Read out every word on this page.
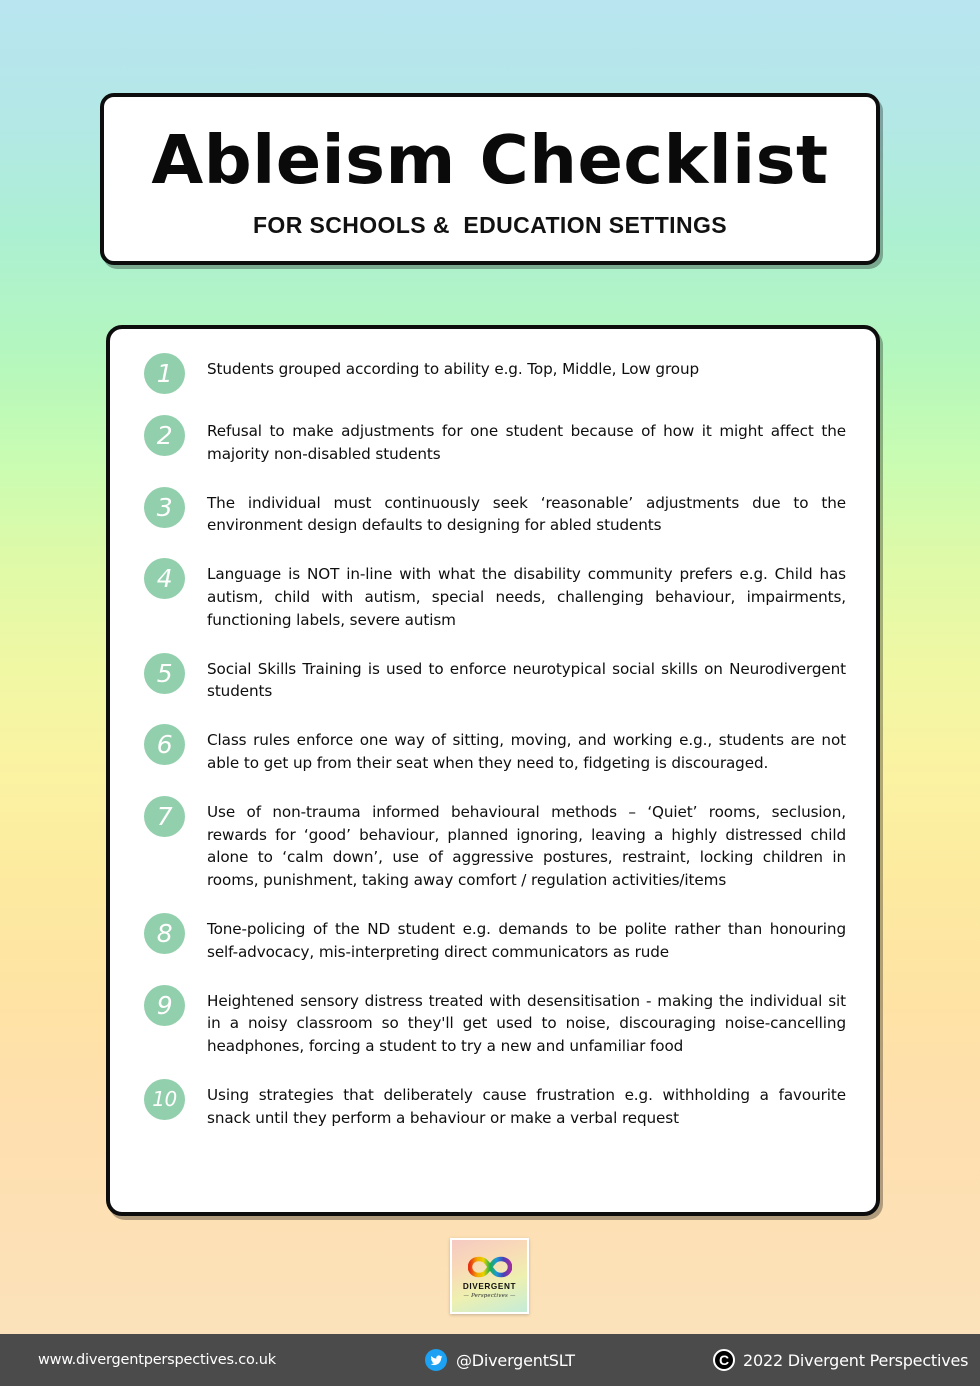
Ableism Checklist
FOR SCHOOLS &  EDUCATION SETTINGS
1	Students grouped according to ability e.g. Top, Middle, Low group
2	Refusal to make adjustments for one student because of how it might affect the majority non-disabled students
3	The individual must continuously seek ‘reasonable’ adjustments due to the environment design defaults to designing for abled students
4	Language is NOT in-line with what the disability community prefers e.g. Child has autism, child with autism, special needs, challenging behaviour, impairments, functioning labels, severe autism
5	Social Skills Training is used to enforce neurotypical social skills on Neurodivergent students
6	Class rules enforce one way of sitting, moving, and working e.g., students are not able to get up from their seat when they need to, fidgeting is discouraged.
7	Use of non-trauma informed behavioural methods – ‘Quiet’ rooms, seclusion, rewards for ‘good’ behaviour, planned ignoring, leaving a highly distressed child alone to ‘calm down’, use of aggressive postures, restraint, locking children in rooms, punishment, taking away comfort / regulation activities/items
8	Tone-policing of the ND student e.g. demands to be polite rather than honouring self-advocacy, mis-interpreting direct communicators as rude
9	Heightened sensory distress treated with desensitisation - making the individual sit in a noisy classroom so they'll get used to noise, discouraging noise-cancelling headphones, forcing a student to try a new and unfamiliar food
10	Using strategies that deliberately cause frustration e.g. withholding a favourite snack until they perform a behaviour or make a verbal request
DIVERGENT
— Perspectives —
www.divergentperspectives.co.uk	@DivergentSLT	C 2022 Divergent Perspectives
